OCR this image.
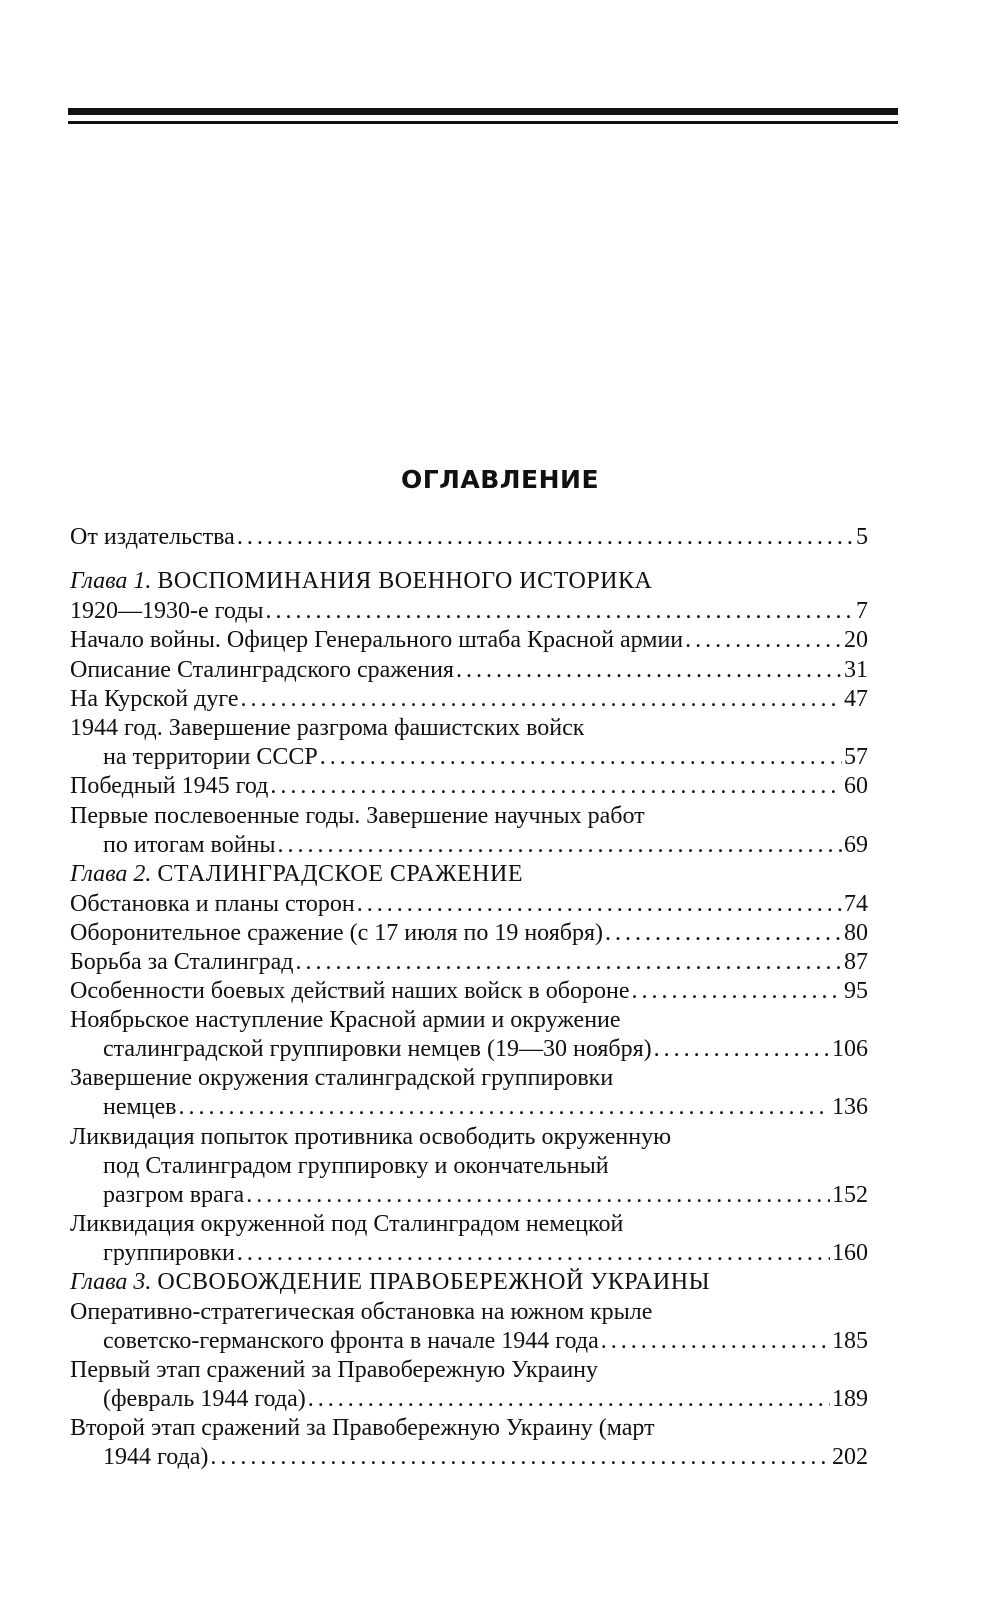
ОГЛАВЛЕНИЕ
От издательства . . .	5
Глава 1.
ВОСПОМИНАНИЯ ВОЕННОГО ИСТОРИКА
1920—1930-е годы . . .	7
Начало войны. Офицер Генерального штаба Красной армии . . .	20
Описание Сталинградского сражения . . .	31
На Курской дуге . . .	47
1944 год. Завершение разгрома фашистских войск
на территории СССР . . .	57
Победный 1945 год . . .	60
Первые послевоенные годы. Завершение научных работ
по итогам войны . . .	69
Глава 2.
СТАЛИНГРАДСКОЕ СРАЖЕНИЕ
Обстановка и планы сторон . . .	74
Оборонительное сражение (с 17 июля по 19 ноября) . . .	80
Борьба за Сталинград . . .	87
Особенности боевых действий наших войск в обороне . . .	95
Ноябрьское наступление Красной армии и окружение
сталинградской группировки немцев (19—30 ноября) . . .	106
Завершение окружения сталинградской группировки
немцев . . .	136
Ликвидация попыток противника освободить окруженную
под Сталинградом группировку и окончательный
разгром врага . . .	152
Ликвидация окруженной под Сталинградом немецкой
группировки . . .	160
Глава 3.
ОСВОБОЖДЕНИЕ ПРАВОБЕРЕЖНОЙ УКРАИНЫ
Оперативно-стратегическая обстановка на южном крыле
советско-германского фронта в начале 1944 года . . .	185
Первый этап сражений за Правобережную Украину
(февраль 1944 года) . . .	189
Второй этап сражений за Правобережную Украину (март
1944 года) . . .	202
